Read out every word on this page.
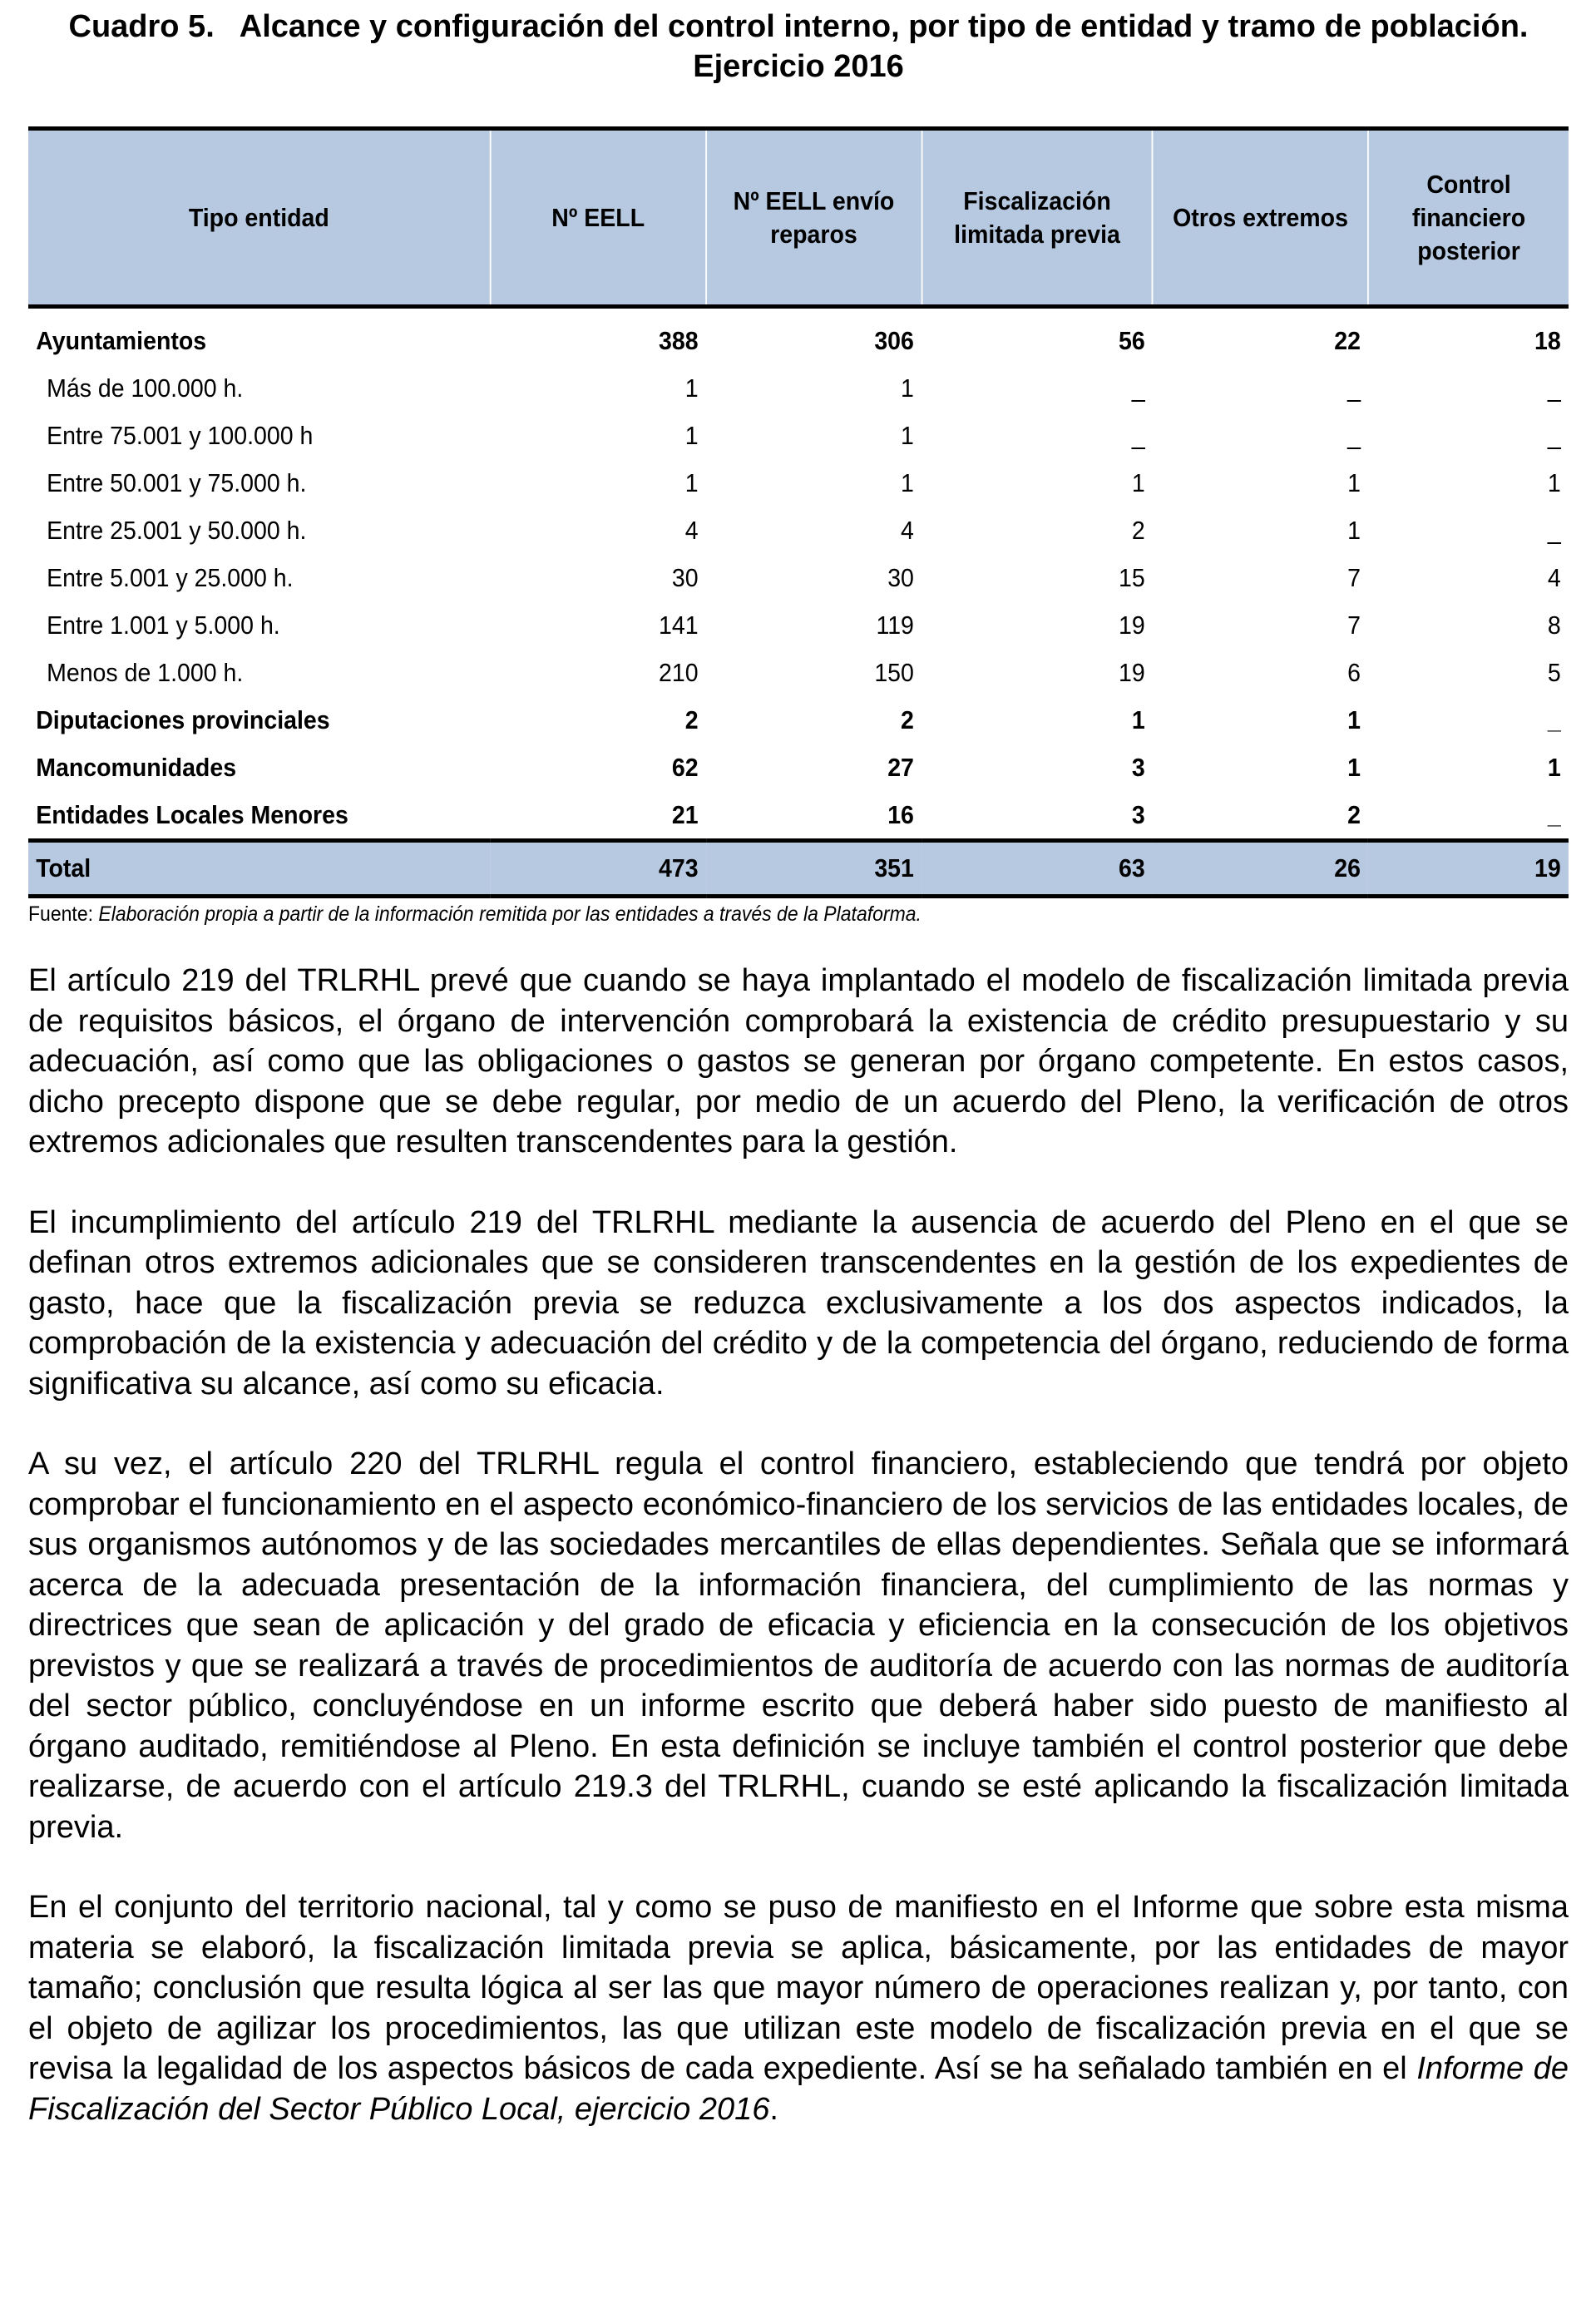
Cuadro 5. Alcance y configuración del control interno, por tipo de entidad y tramo de población. Ejercicio 2016
Tipo entidad	Nº EELL	Nº EELL envío reparos	Fiscalización limitada previa	Otros extremos	Control financiero posterior
Ayuntamientos	388	306	56	22	18
Más de 100.000 h.	1	1	_	_	_
Entre 75.001 y 100.000 h	1	1	_	_	_
Entre 50.001 y 75.000 h.	1	1	1	1	1
Entre 25.001 y 50.000 h.	4	4	2	1	_
Entre 5.001 y 25.000 h.	30	30	15	7	4
Entre 1.001 y 5.000 h.	141	119	19	7	8
Menos de 1.000 h.	210	150	19	6	5
Diputaciones provinciales	2	2	1	1	_
Mancomunidades	62	27	3	1	1
Entidades Locales Menores	21	16	3	2	_
Total	473	351	63	26	19
Fuente: Elaboración propia a partir de la información remitida por las entidades a través de la Plataforma.

El artículo 219 del TRLRHL prevé que cuando se haya implantado el modelo de fiscalización limitada previa de requisitos básicos, el órgano de intervención comprobará la existencia de crédito presupuestario y su adecuación, así como que las obligaciones o gastos se generan por órgano competente. En estos casos, dicho precepto dispone que se debe regular, por medio de un acuerdo del Pleno, la verificación de otros extremos adicionales que resulten transcendentes para la gestión.

El incumplimiento del artículo 219 del TRLRHL mediante la ausencia de acuerdo del Pleno en el que se definan otros extremos adicionales que se consideren transcendentes en la gestión de los expedientes de gasto, hace que la fiscalización previa se reduzca exclusivamente a los dos aspectos indicados, la comprobación de la existencia y adecuación del crédito y de la competencia del órgano, reduciendo de forma significativa su alcance, así como su eficacia.

A su vez, el artículo 220 del TRLRHL regula el control financiero, estableciendo que tendrá por objeto comprobar el funcionamiento en el aspecto económico-financiero de los servicios de las entidades locales, de sus organismos autónomos y de las sociedades mercantiles de ellas dependientes. Señala que se informará acerca de la adecuada presentación de la información financiera, del cumplimiento de las normas y directrices que sean de aplicación y del grado de eficacia y eficiencia en la consecución de los objetivos previstos y que se realizará a través de procedimientos de auditoría de acuerdo con las normas de auditoría del sector público, concluyéndose en un informe escrito que deberá haber sido puesto de manifiesto al órgano auditado, remitiéndose al Pleno. En esta definición se incluye también el control posterior que debe realizarse, de acuerdo con el artículo 219.3 del TRLRHL, cuando se esté aplicando la fiscalización limitada previa.

En el conjunto del territorio nacional, tal y como se puso de manifiesto en el Informe que sobre esta misma materia se elaboró, la fiscalización limitada previa se aplica, básicamente, por las entidades de mayor tamaño; conclusión que resulta lógica al ser las que mayor número de operaciones realizan y, por tanto, con el objeto de agilizar los procedimientos, las que utilizan este modelo de fiscalización previa en el que se revisa la legalidad de los aspectos básicos de cada expediente. Así se ha señalado también en el Informe de Fiscalización del Sector Público Local, ejercicio 2016.
